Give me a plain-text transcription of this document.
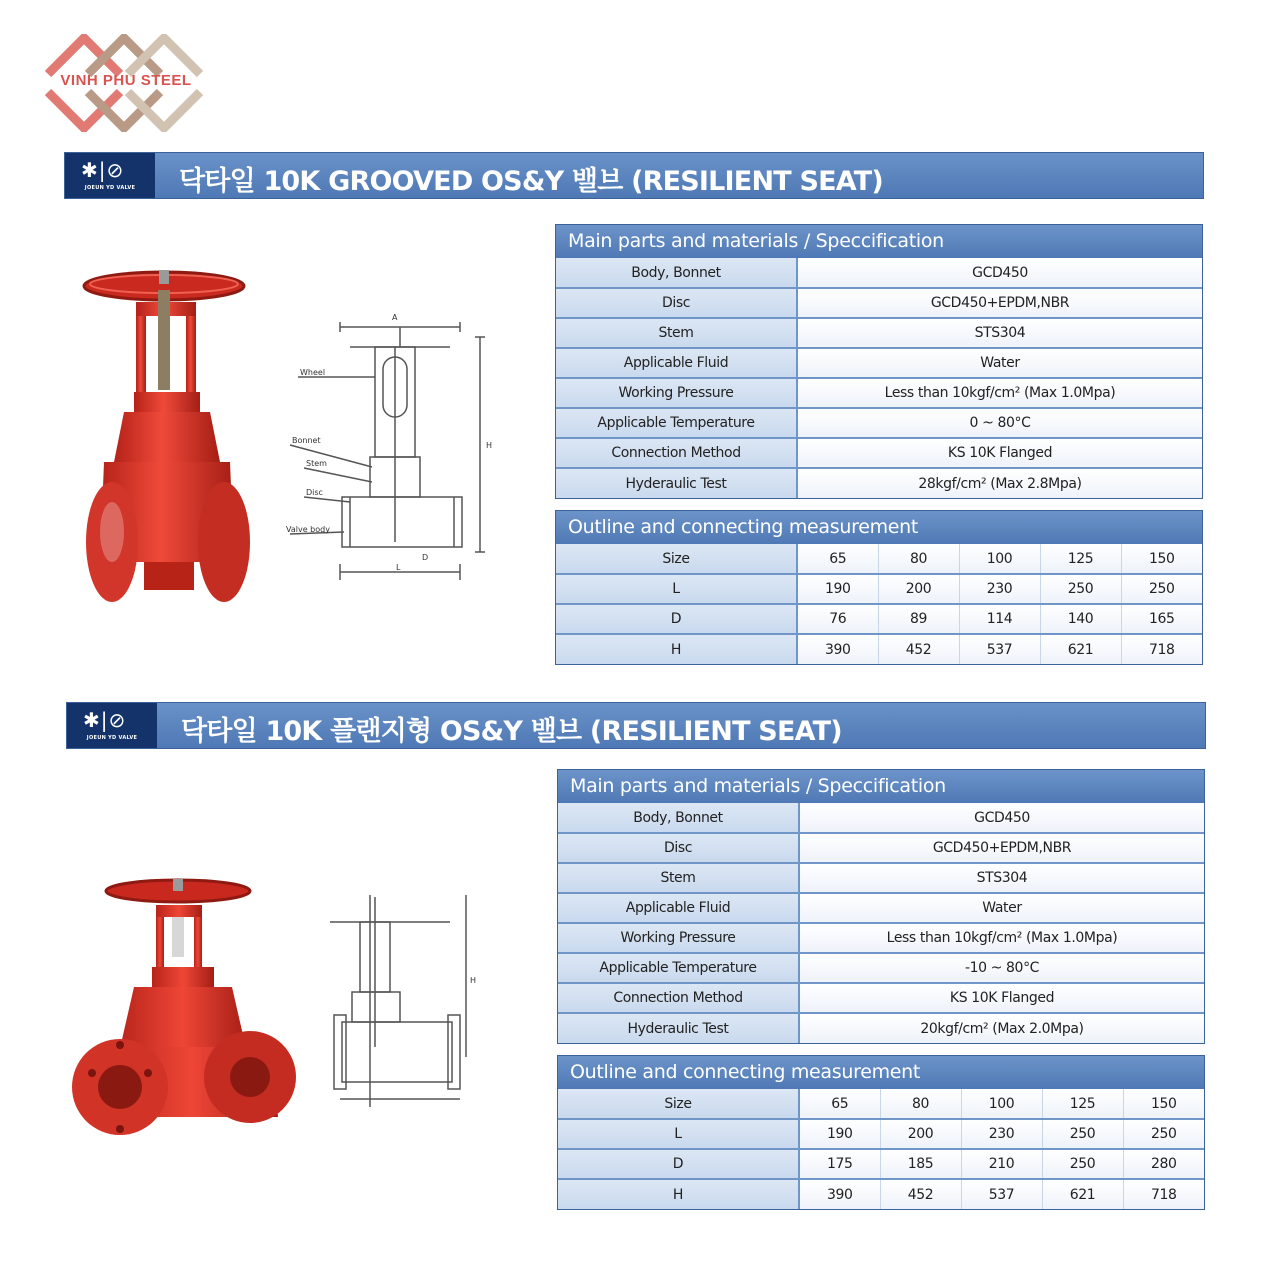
VINH PHU STEEL
✱|⊘
JOEUN YD VALVE	닥타일 10K GROOVED OS&Y 밸브 (RESILIENT SEAT)
Wheel
Bonnet
Stem
Disc
Valve body
A
H
L
D
Main parts and materials / Speccification
Body, Bonnet	GCD450
Disc	GCD450+EPDM,NBR
Stem	STS304
Applicable Fluid	Water
Working Pressure	Less than 10kgf/cm² (Max 1.0Mpa)
Applicable Temperature	0 ~ 80°C
Connection Method	KS 10K Flanged
Hyderaulic Test	28kgf/cm² (Max 2.8Mpa)
Outline and connecting measurement
Size	65	80	100	125	150
L	190	200	230	250	250
D	76	89	114	140	165
H	390	452	537	621	718
✱|⊘
JOEUN YD VALVE	닥타일 10K 플랜지형 OS&Y 밸브 (RESILIENT SEAT)
H
Main parts and materials / Speccification
Body, Bonnet	GCD450
Disc	GCD450+EPDM,NBR
Stem	STS304
Applicable Fluid	Water
Working Pressure	Less than 10kgf/cm² (Max 1.0Mpa)
Applicable Temperature	-10 ~ 80°C
Connection Method	KS 10K Flanged
Hyderaulic Test	20kgf/cm² (Max 2.0Mpa)
Outline and connecting measurement
Size	65	80	100	125	150
L	190	200	230	250	250
D	175	185	210	250	280
H	390	452	537	621	718
